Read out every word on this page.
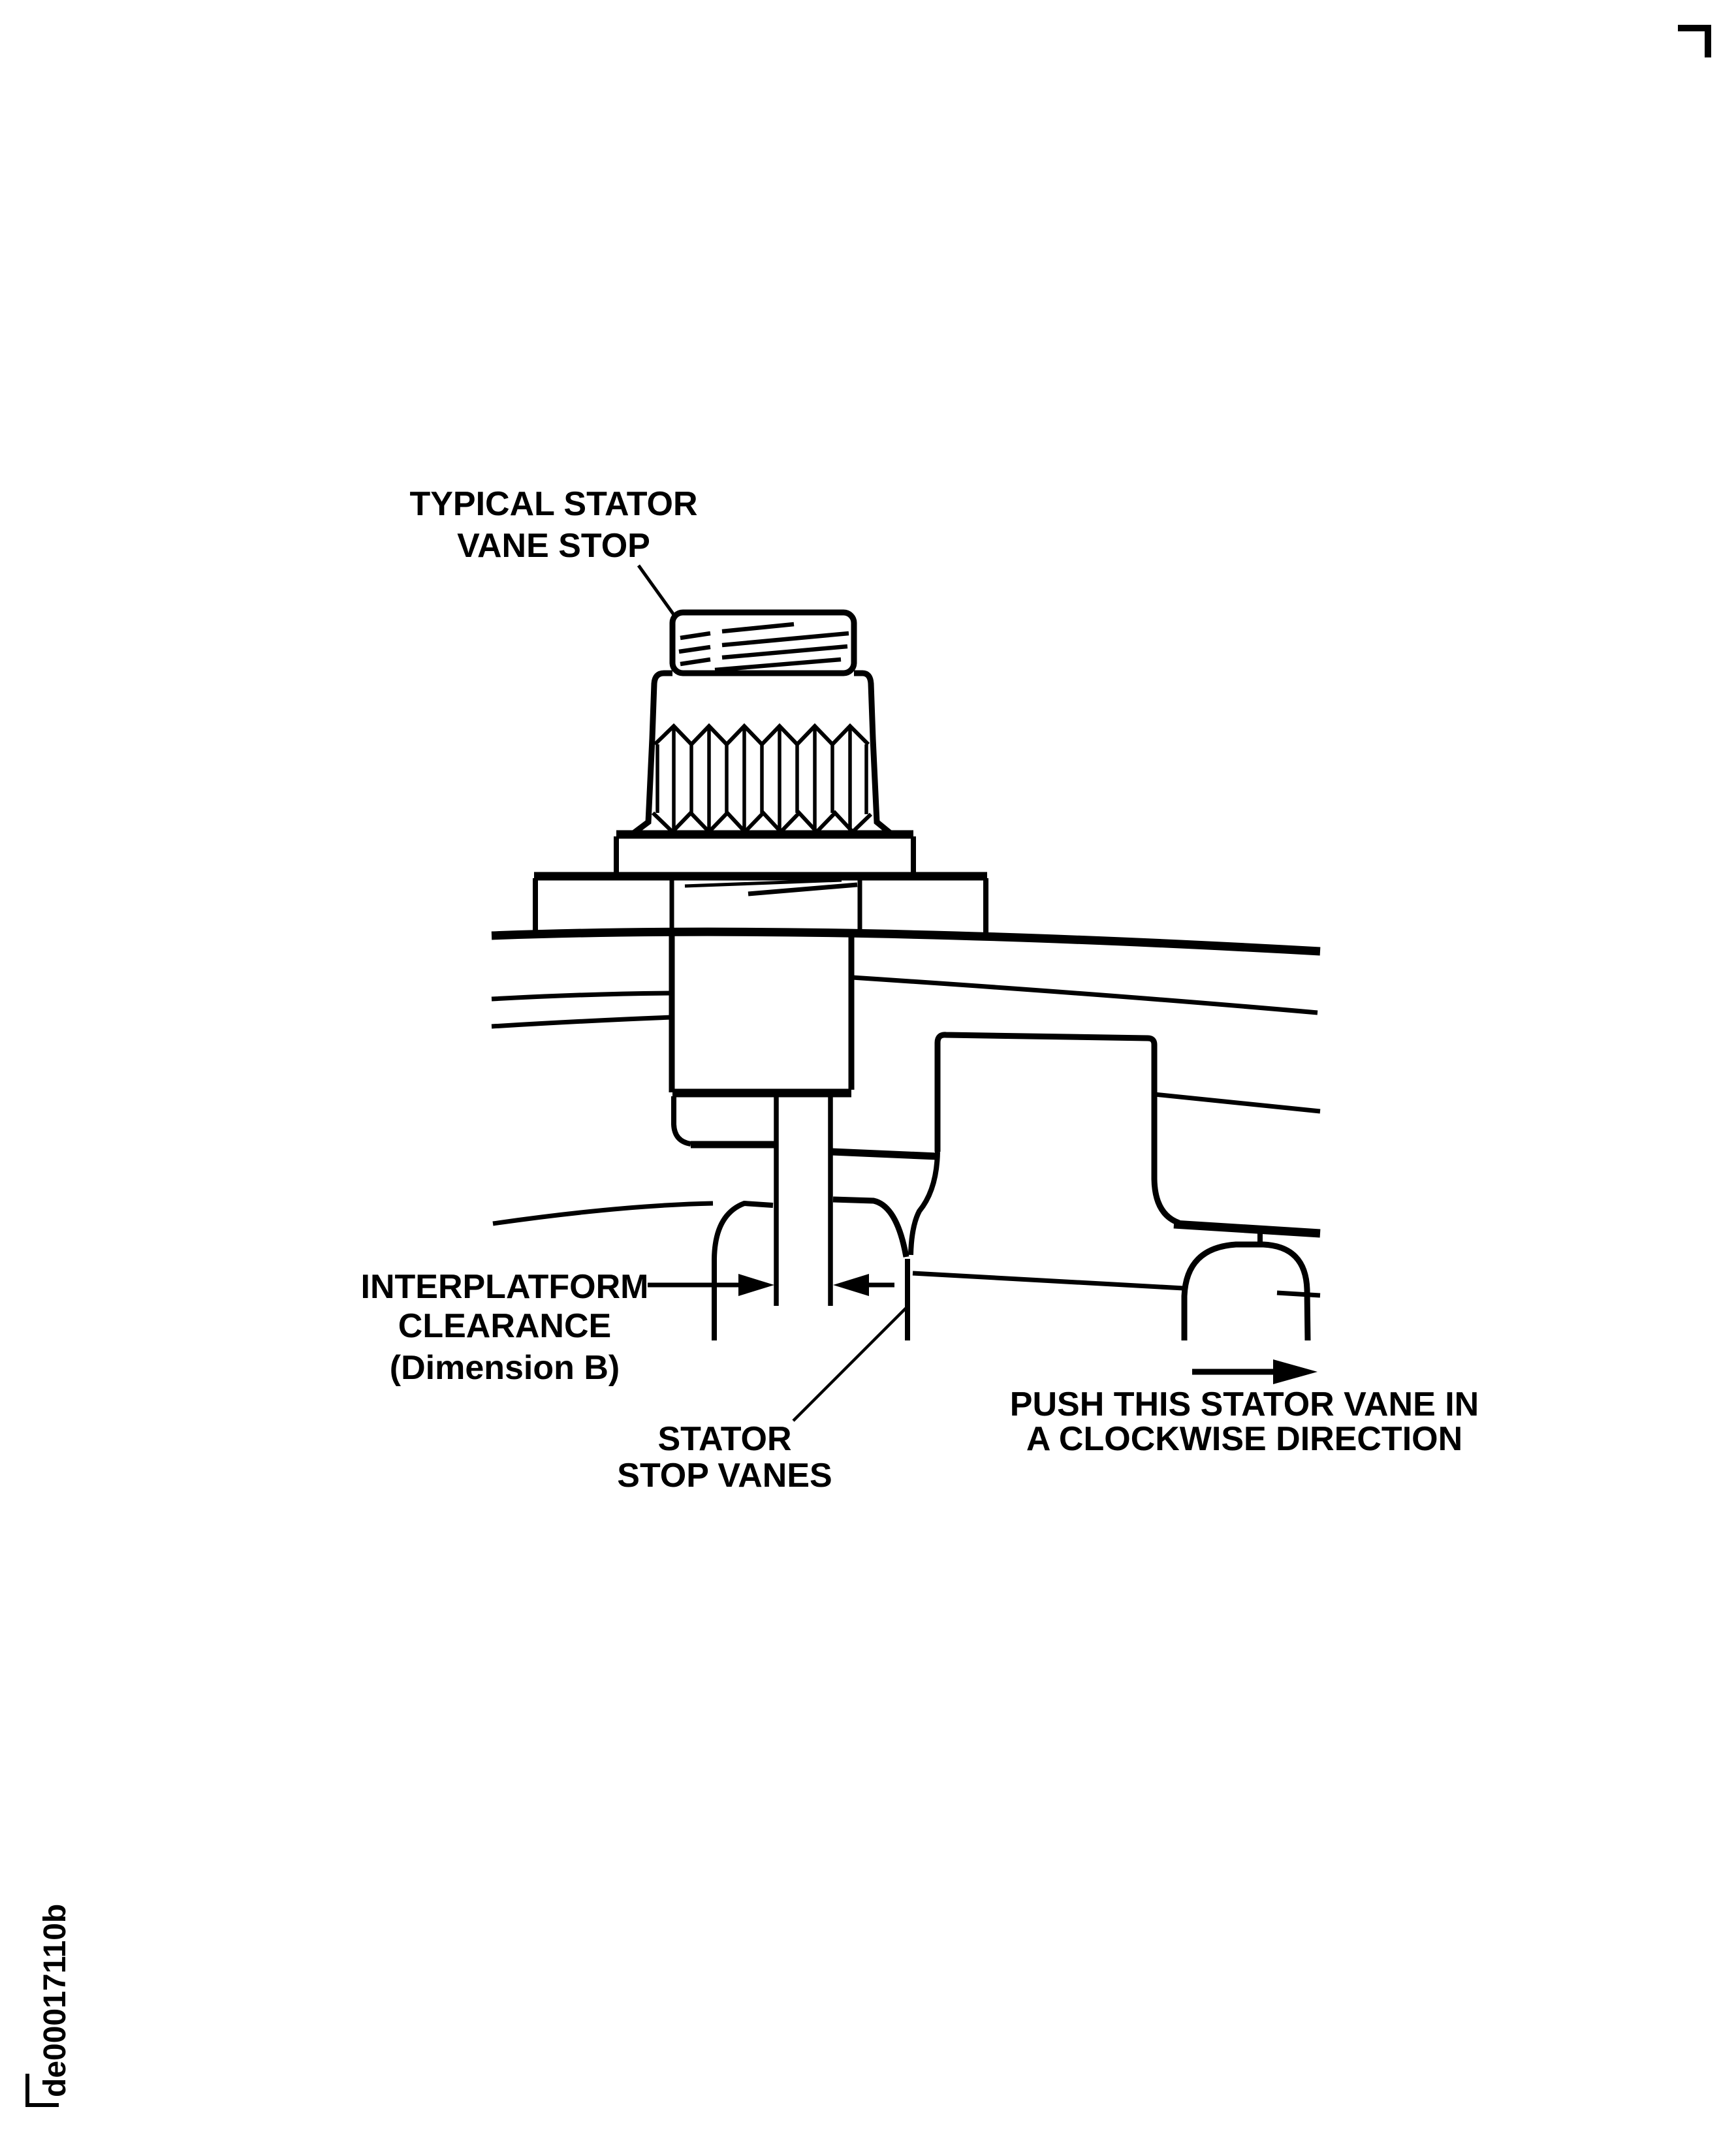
TYPICAL STATOR
VANE STOP
INTERPLATFORM
CLEARANCE
(Dimension B)
STATOR
STOP VANES
PUSH THIS STATOR VANE IN
A CLOCKWISE DIRECTION
de00017110b
